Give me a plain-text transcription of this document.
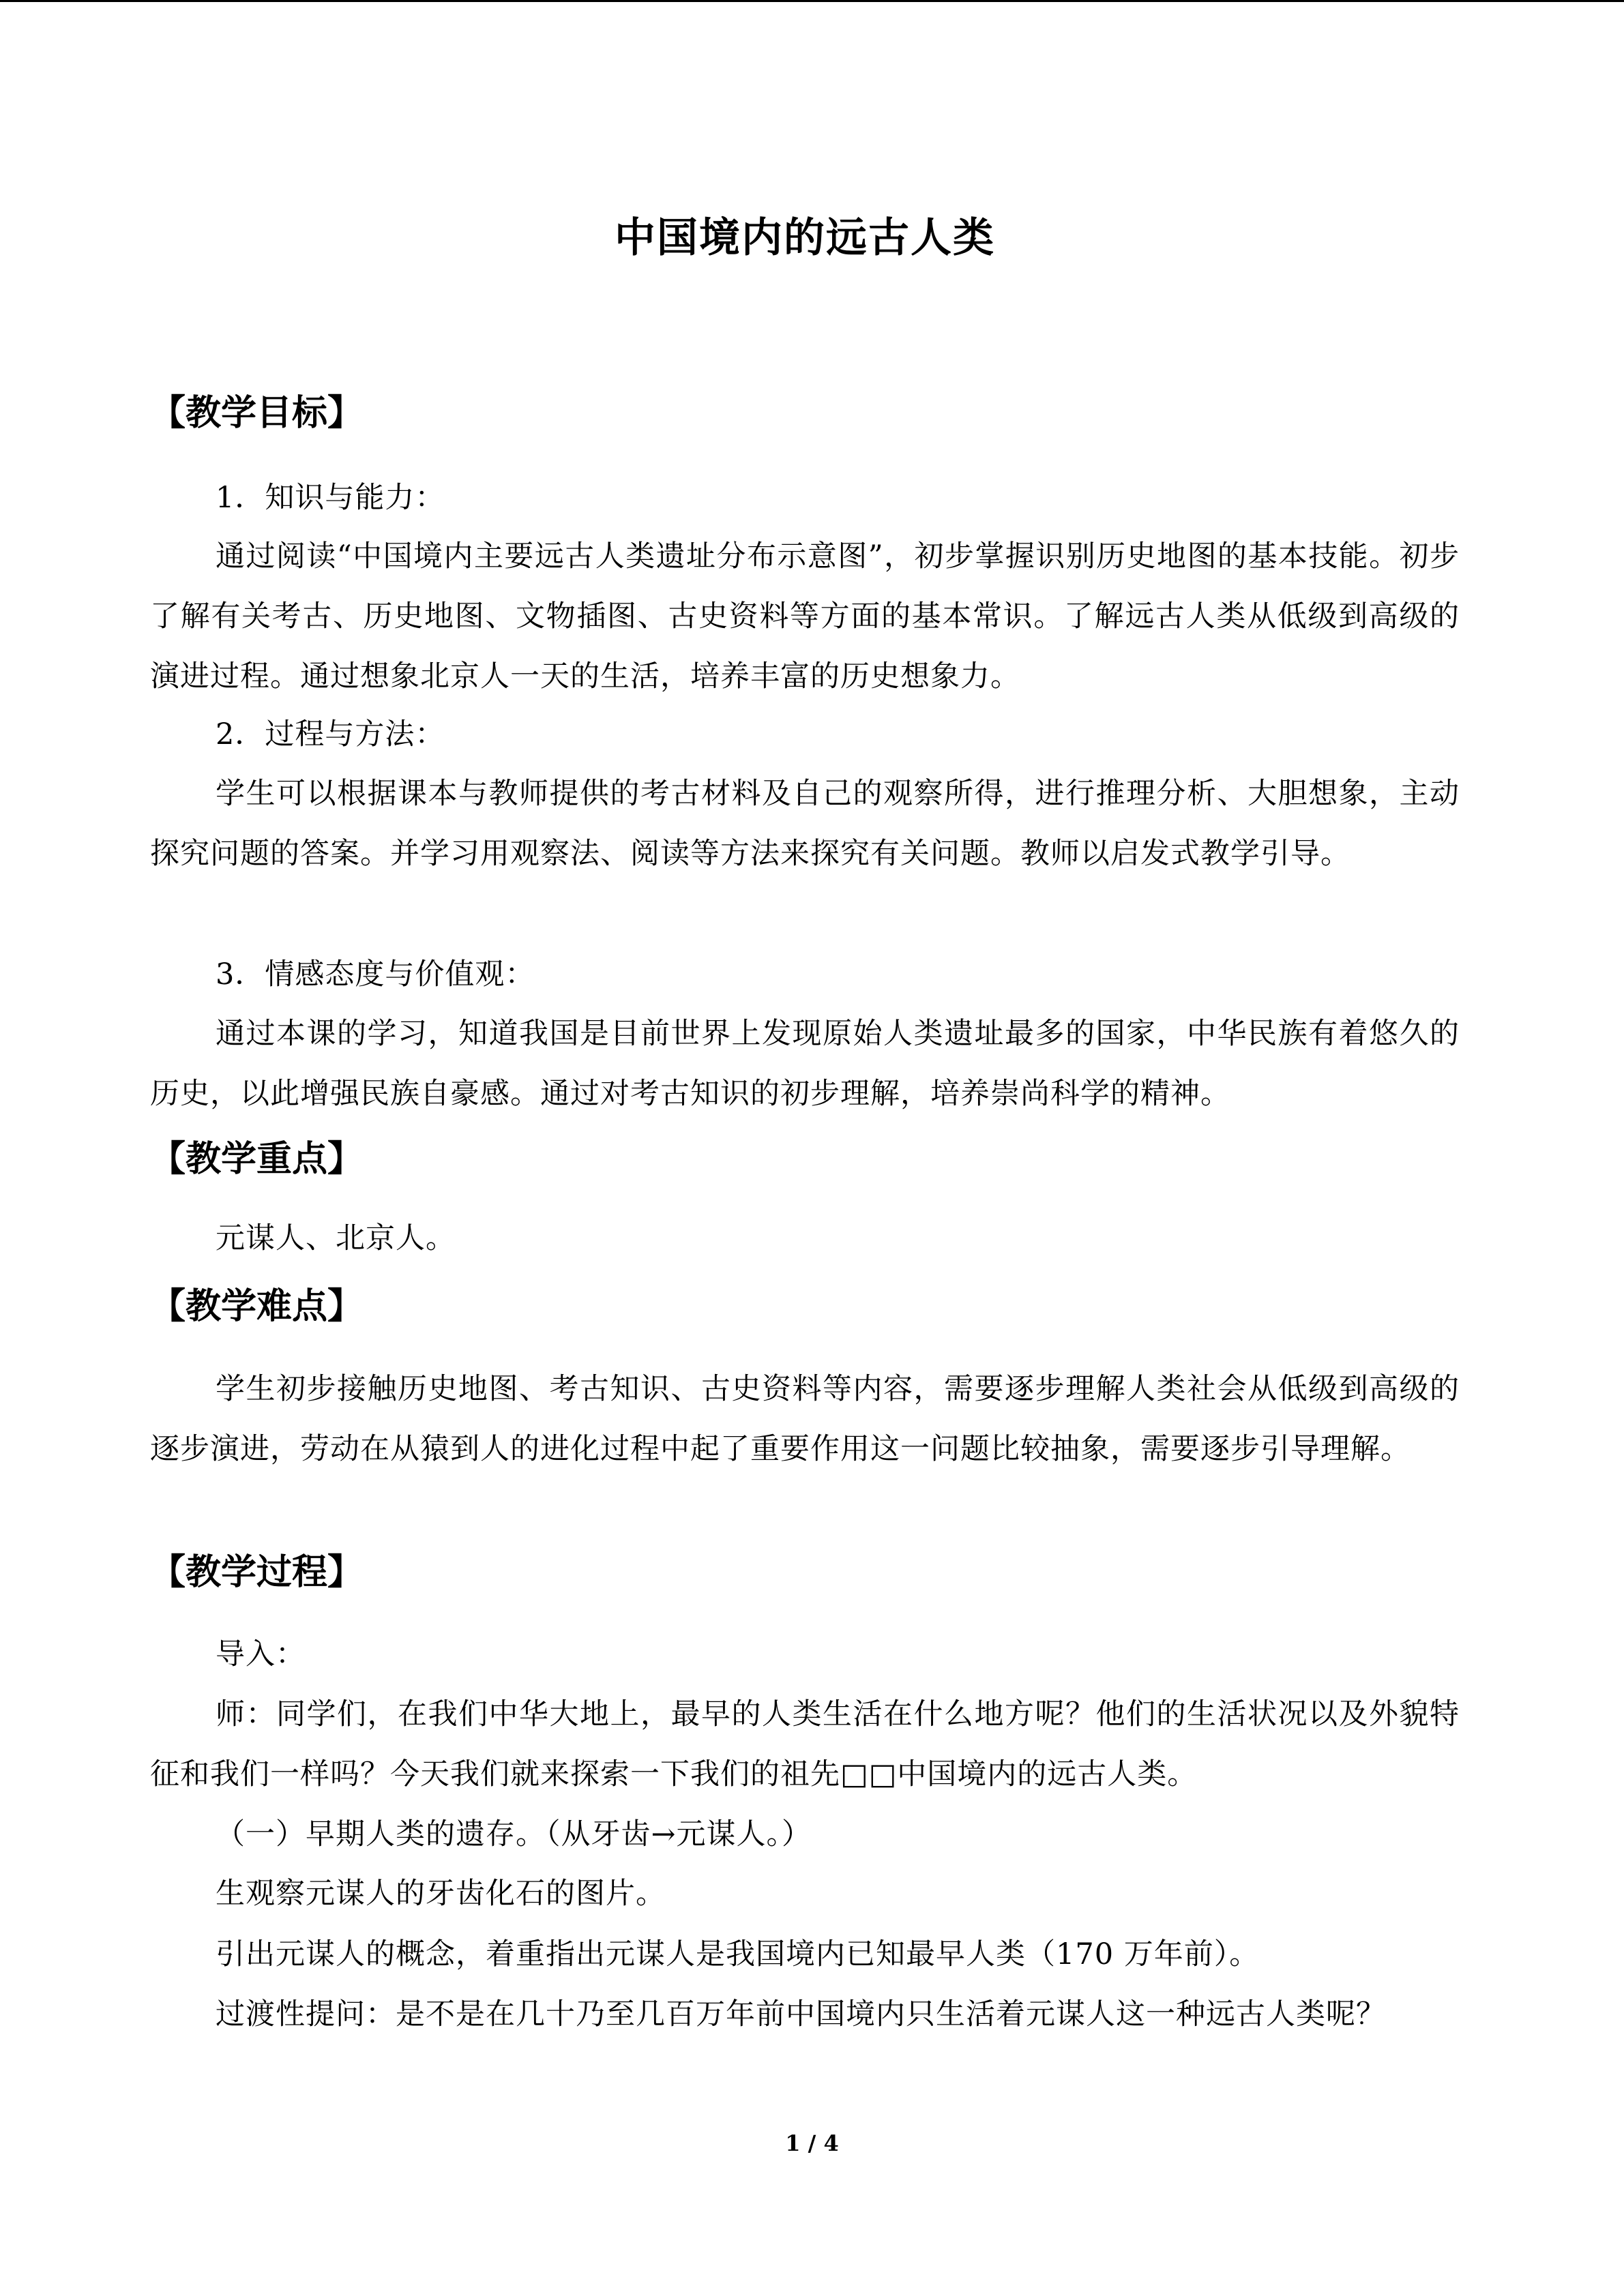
中国境内的远古人类
【教学目标】
1．知识与能力：
通过阅读“中国境内主要远古人类遗址分布示意图”，初步掌握识别历史地图的基本技能。初步了解有关考古、历史地图、文物插图、古史资料等方面的基本常识。了解远古人类从低级到高级的演进过程。通过想象北京人一天的生活，培养丰富的历史想象力。
2．过程与方法：
学生可以根据课本与教师提供的考古材料及自己的观察所得，进行推理分析、大胆想象，主动探究问题的答案。并学习用观察法、阅读等方法来探究有关问题。教师以启发式教学引导。
3．情感态度与价值观：
通过本课的学习，知道我国是目前世界上发现原始人类遗址最多的国家，中华民族有着悠久的历史，以此增强民族自豪感。通过对考古知识的初步理解，培养崇尚科学的精神。
【教学重点】
元谋人、北京人。
【教学难点】
学生初步接触历史地图、考古知识、古史资料等内容，需要逐步理解人类社会从低级到高级的逐步演进，劳动在从猿到人的进化过程中起了重要作用这一问题比较抽象，需要逐步引导理解。
【教学过程】
导入：
师：同学们，在我们中华大地上，最早的人类生活在什么地方呢？他们的生活状况以及外貌特征和我们一样吗？今天我们就来探索一下我们的祖先□□中国境内的远古人类。
（一）早期人类的遗存。（从牙齿→元谋人。）
生观察元谋人的牙齿化石的图片。
引出元谋人的概念，着重指出元谋人是我国境内已知最早人类（170 万年前）。
过渡性提问：是不是在几十乃至几百万年前中国境内只生活着元谋人这一种远古人类呢？
1 / 4
